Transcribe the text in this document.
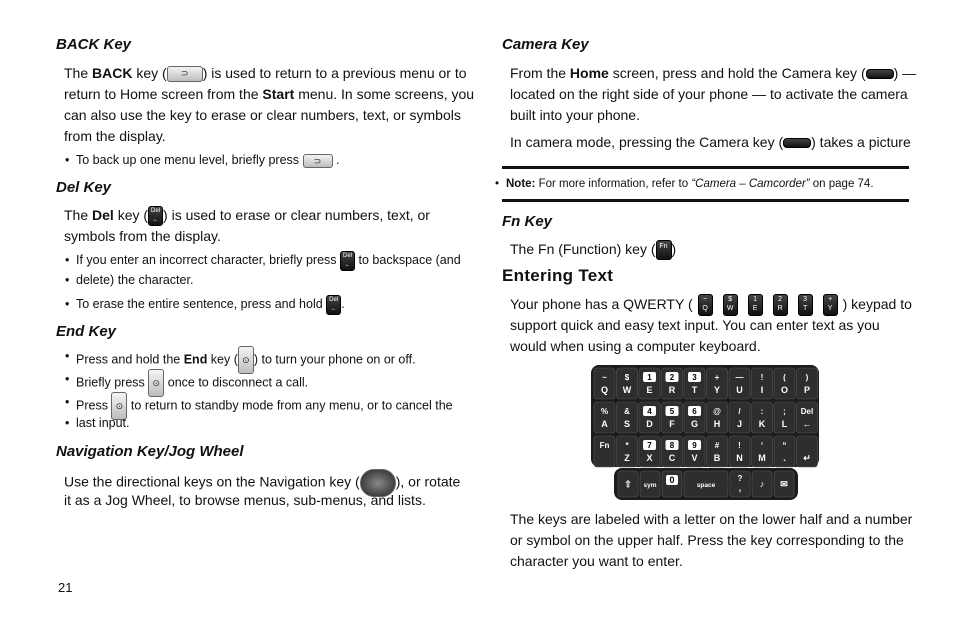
BACK Key

The BACK key ( ⊃ ) is used to return to a previous menu or to

return to Home screen from the Start menu. In some screens, you

can also use the key to erase or clear numbers, text, or symbols

from the display.

• To back up one menu level, briefly press ⊃ .

Del Key

The Del key ( Del
← ) is used to erase or clear numbers, text, or

symbols from the display.

• If you enter an incorrect character, briefly press Del
← to backspace (and

• delete) the character.

• To erase the entire sentence, press and hold Del
← .

End Key

• Press and hold the End key ( ⊙ ) to turn your phone on or off.

• Briefly press ⊙ once to disconnect a call.

• Press ⊙ to return to standby mode from any menu, or to cancel the

• last input.

Navigation Key/Jog Wheel

Use the directional keys on the Navigation key (	), or rotate

it as a Jog Wheel, to browse menus, sub-menus, and lists.

Camera Key

From the Home screen, press and hold the Camera key ( ) —

located on the right side of your phone — to activate the camera

built into your phone.

In camera mode, pressing the Camera key ( ) takes a picture

• Note: For more information, refer to “Camera – Camcorder” on page 74.

Fn Key

The Fn (Function) key ( Fn )

Entering Text

Your phone has a QWERTY ( ~
Q$
W1
E2
R3
T+
Y ) keypad to

support quick and easy text input. You can enter text as you

would when using a computer keyboard.

~
Q
$
W
1
E
2
R
3
T
+
Y
—
U
!
I
(
O
)
P
%
A
&
S
4
D
5
F
6
G
@
H
/
J
:
K
;
L
Del
←
Fn *
Z
7
X
8
C
9
V
#
B
!
N
‘
M
“
. ↵
⇧ sym
0
space
?
, ♪ ✉

The keys are labeled with a letter on the lower half and a number

or symbol on the upper half. Press the key corresponding to the

character you want to enter.

21
